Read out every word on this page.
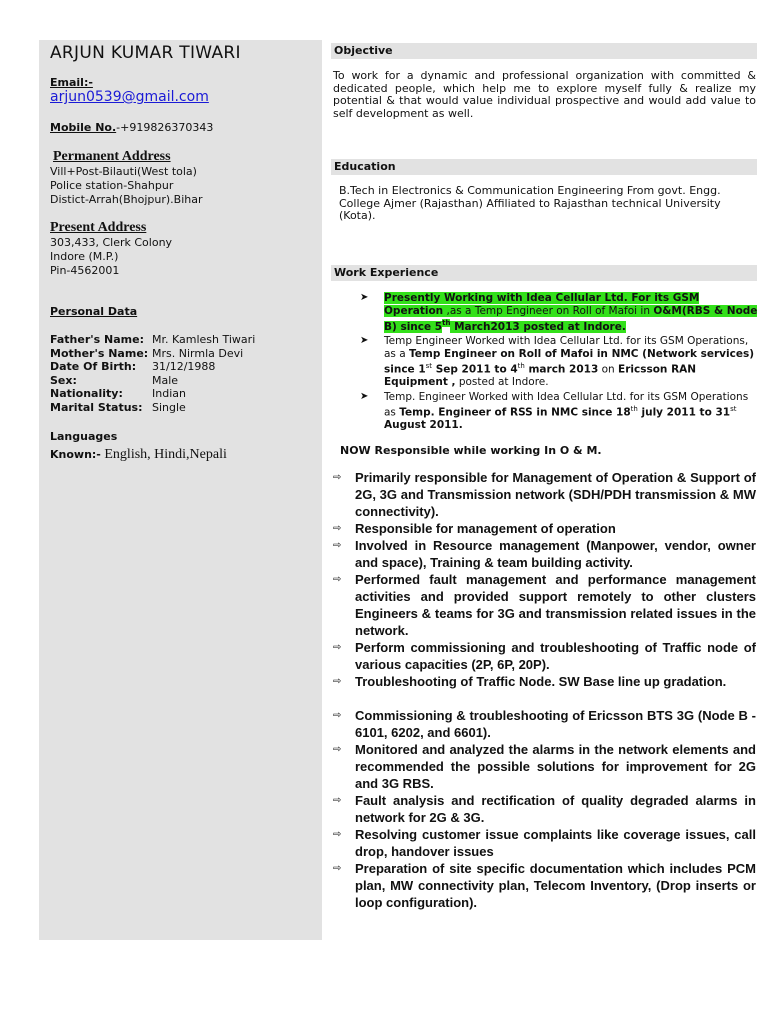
ARJUN KUMAR TIWARI
Email:-
arjun0539@gmail.com
Mobile No.-+919826370343
Permanent Address
Vill+Post-Bilauti(West tola)
Police station-Shahpur
Distict-Arrah(Bhojpur).Bihar
Present Address
303,433, Clerk Colony
Indore (M.P.)
Pin-4562001
Personal Data
Father's Name:	Mr. Kamlesh Tiwari
Mother's Name:	Mrs. Nirmla Devi
Date Of Birth:	31/12/1988
Sex:	Male
Nationality:	Indian
Marital Status:	Single
Languages
Known:- English, Hindi,Nepali
Objective
To work for a dynamic and professional organization with committed & dedicated people, which help me to explore myself fully & realize my potential & that would value individual prospective and would add value to self development as well.
Education
B.Tech in Electronics & Communication Engineering From govt. Engg. College Ajmer (Rajasthan) Affiliated to Rajasthan technical University (Kota).
Work Experience
➤ Presently Working with Idea Cellular Ltd. For its GSM Operation ,as a Temp Engineer on Roll of Mafoi in O&M(RBS & Node B) since 5th March2013 posted at Indore.
➤ Temp Engineer Worked with Idea Cellular Ltd. for its GSM Operations, as a Temp Engineer on Roll of Mafoi in NMC (Network services) since 1st Sep 2011 to 4th march 2013 on Ericsson RAN Equipment , posted at Indore.
➤ Temp. Engineer Worked with Idea Cellular Ltd. for its GSM Operations as Temp. Engineer of RSS in NMC since 18th july 2011 to 31st August 2011.
NOW Responsible while working In O & M.
⇨ Primarily responsible for Management of Operation & Support of 2G, 3G and Transmission network (SDH/PDH transmission & MW connectivity).
⇨ Responsible for management of operation
⇨ Involved in Resource management (Manpower, vendor, owner and space), Training & team building activity.
⇨ Performed fault management and performance management activities and provided support remotely to other clusters Engineers & teams for 3G and transmission related issues in the network.
⇨ Perform commissioning and troubleshooting of Traffic node of various capacities (2P, 6P, 20P).
⇨ Troubleshooting of Traffic Node. SW Base line up gradation.
⇨ Commissioning & troubleshooting of Ericsson BTS 3G (Node B - 6101, 6202, and 6601).
⇨ Monitored and analyzed the alarms in the network elements and recommended the possible solutions for improvement for 2G and 3G RBS.
⇨ Fault analysis and rectification of quality degraded alarms in network for 2G & 3G.
⇨ Resolving customer issue complaints like coverage issues, call drop, handover issues
⇨ Preparation of site specific documentation which includes PCM plan, MW connectivity plan, Telecom Inventory, (Drop inserts or loop configuration).
